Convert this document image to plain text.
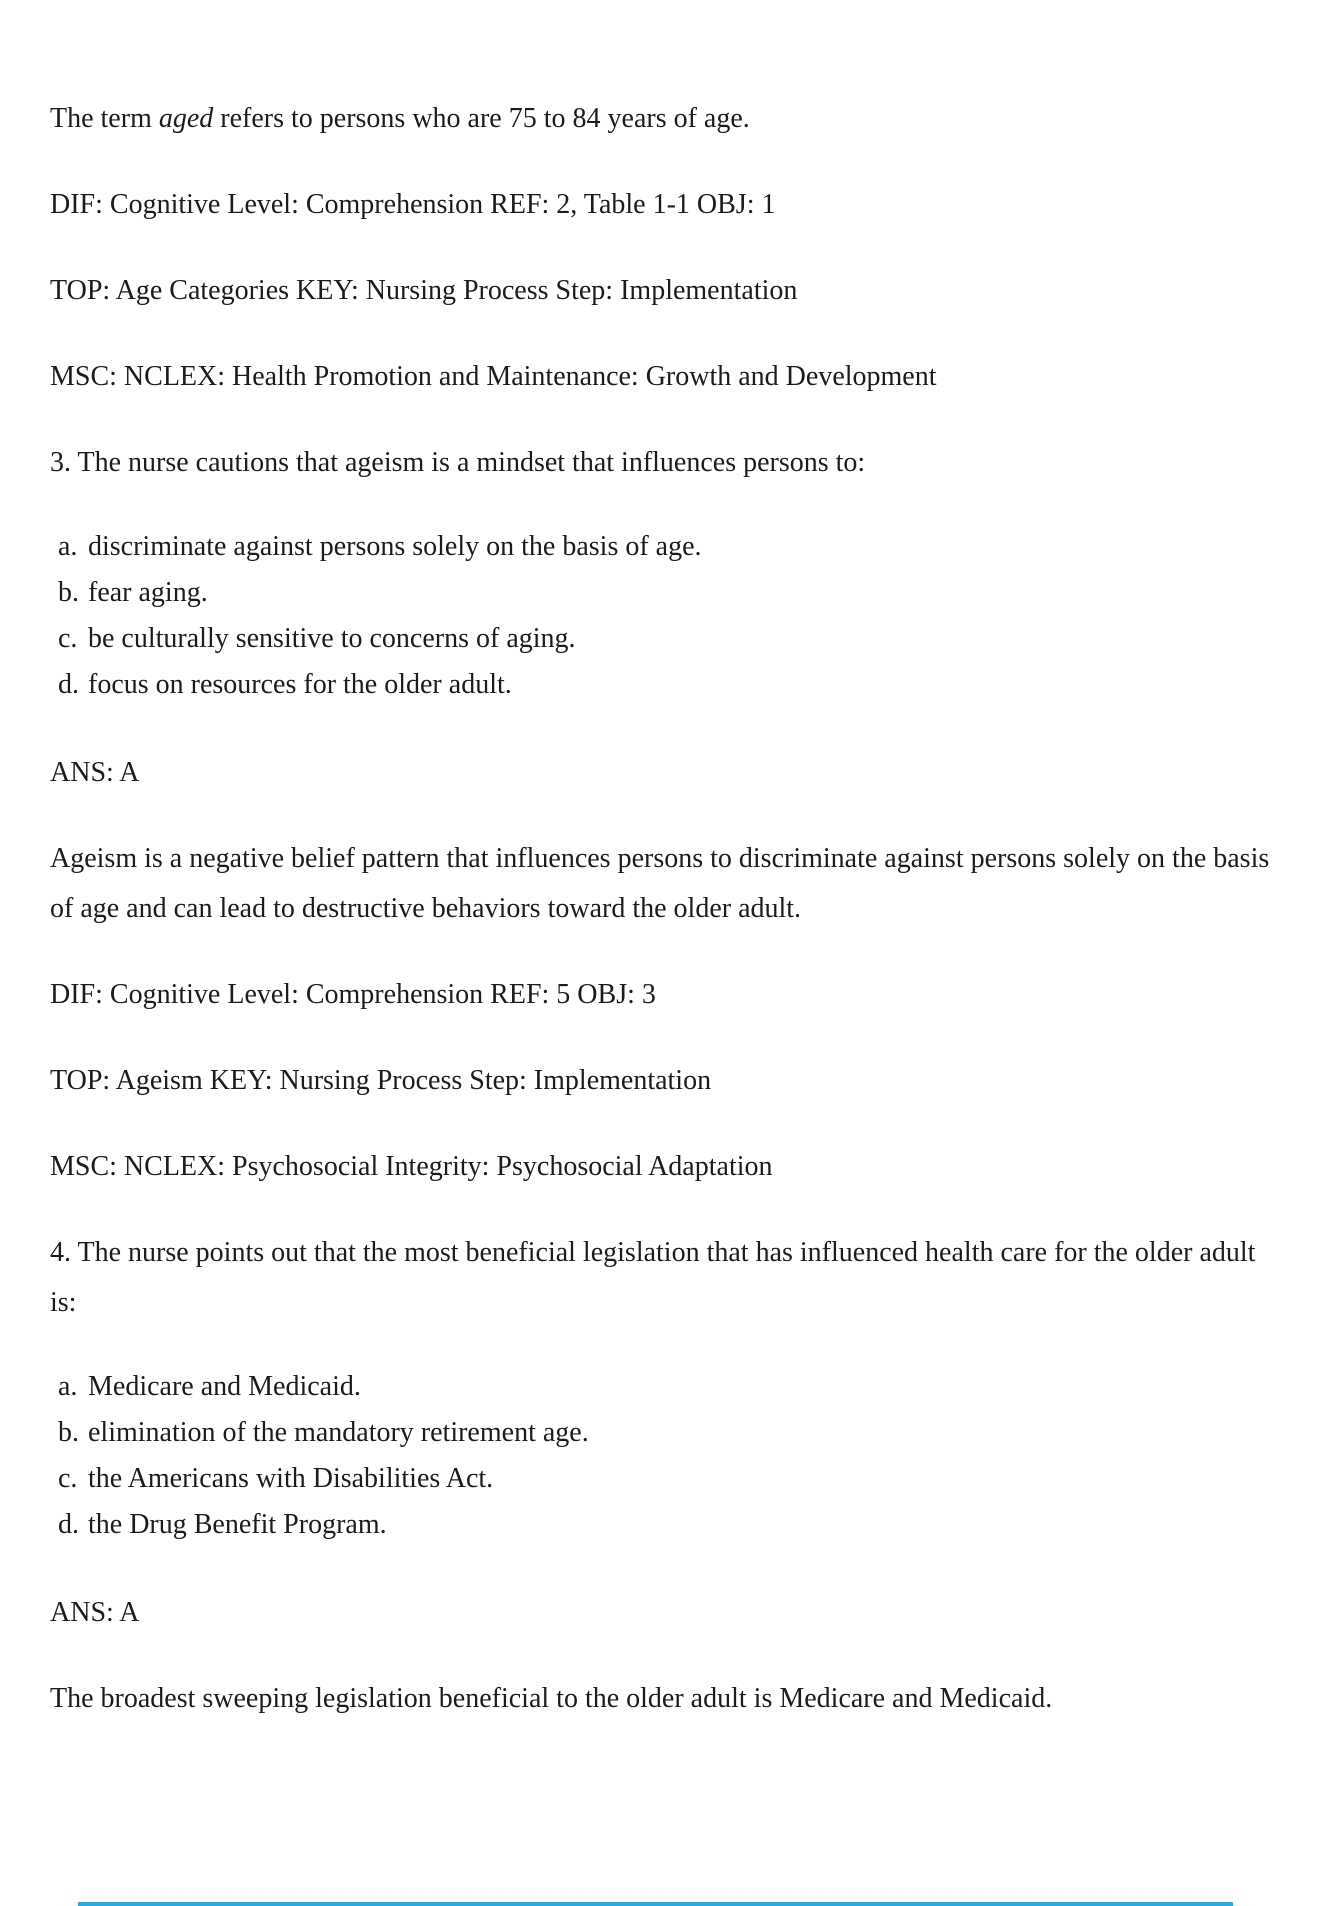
The term aged refers to persons who are 75 to 84 years of age.

DIF: Cognitive Level: Comprehension REF: 2, Table 1-1 OBJ: 1

TOP: Age Categories KEY: Nursing Process Step: Implementation

MSC: NCLEX: Health Promotion and Maintenance: Growth and Development

3. The nurse cautions that ageism is a mindset that influences persons to:

a. discriminate against persons solely on the basis of age.
b. fear aging.
c. be culturally sensitive to concerns of aging.
d. focus on resources for the older adult.

ANS: A

Ageism is a negative belief pattern that influences persons to discriminate against persons solely on the basis of age and can lead to destructive behaviors toward the older adult.

DIF: Cognitive Level: Comprehension REF: 5 OBJ: 3

TOP: Ageism KEY: Nursing Process Step: Implementation

MSC: NCLEX: Psychosocial Integrity: Psychosocial Adaptation

4. The nurse points out that the most beneficial legislation that has influenced health care for the older adult is:

a. Medicare and Medicaid.
b. elimination of the mandatory retirement age.
c. the Americans with Disabilities Act.
d. the Drug Benefit Program.

ANS: A

The broadest sweeping legislation beneficial to the older adult is Medicare and Medicaid.
